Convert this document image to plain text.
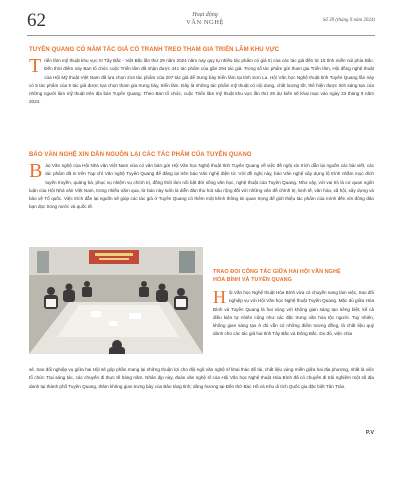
62	Hoạt động
VĂN NGHỆ	Số 39 (tháng 9 năm 2024)
TUYÊN QUANG CÓ NĂM TÁC GIẢ CÓ TRANH TREO THAM GIA TRIỂN LÃM KHU VỰC

Triển lãm mỹ thuật khu vực III Tây Bắc - Việt Bắc lần thứ 29 năm 2024 năm nay quy tụ nhiều tác phẩm có giá trị của các tác giả đến từ 15 tỉnh miền núi phía Bắc. Đến thời điểm này Ban tổ chức cuộc Triển lãm đã nhận được 441 tác phẩm của gần 294 tác giả. Trong số tác phẩm gửi tham gia Triển lãm, Hội đồng nghệ thuật của Hội Mỹ thuật Việt Nam đã lựa chọn 214 tác phẩm của 207 tác giả để trưng bày triển lãm tại tỉnh Sơn La. Hội Văn học Nghệ thuật tỉnh Tuyên Quang lần này có 5 tác phẩm của 5 tác giả được lựa chọn tham gia trưng bày, triển lãm. Đây là những tác phẩm mỹ thuật có nội dung, chất lượng tốt, thể hiện được tinh sáng tạo của những người làm mỹ thuật trên địa bàn Tuyên Quang. Theo Ban tổ chức, cuộc Triển lãm mỹ thuật khu vực lần thứ 29 dự kiến sẽ khai mạc vào ngày 23 tháng 9 năm 2024.

BÁO VĂN NGHỆ XIN DẪN NGUỒN LẠI CÁC TÁC PHẨM CỦA TUYÊN QUANG

Báo Văn nghệ của Hội Nhà văn Việt Nam vừa có văn bản gửi Hội Văn học Nghệ thuật tỉnh Tuyên Quang về việc đề nghị xin trích dẫn lại nguồn các bài viết, các tác phẩm đã in trên Tạp chí Văn nghệ Tuyên Quang để đăng lại trên báo Văn nghệ điện tử. Với đề nghị này, báo Văn nghệ xây dựng lộ trình nhằm mục đích tuyên truyền, quảng bá, phục vụ nhiệm vụ chính trị, đồng thời làm nổi bật đời sống văn học, nghệ thuật của Tuyên Quang. Như vậy, với vai trò là cơ quan ngôn luận của Hội Nhà văn Việt Nam, trong nhiều năm qua, từ báo này luôn là diễn đàn thu hút sâu rộng đối với những vấn đề chính trị, kinh tế, văn hóa, xã hội, xây dựng và bảo vệ Tổ quốc. Việc trích dẫn lại nguồn sẽ giúp các tác giả ở Tuyên Quang có thêm một kênh thông tin quan trọng để giới thiệu tác phẩm của mình đến với đông đảo bạn đọc trong nước và quốc tế.

TRAO ĐỔI CÔNG TÁC GIỮA HAI HỘI VĂN NGHỆ
HÒA BÌNH VÀ TUYÊN QUANG

Hội Văn học Nghệ thuật Hòa Bình vừa có chuyến sang làm việc, trao đổi nghiệp vụ với Hội Văn học Nghệ thuật Tuyên Quang. Mặc dù giữa Hòa Bình và Tuyên Quang là hai vùng với không gian sáng tạo riêng biệt, kể cả điều kiện tự nhiên cũng như các đặc trưng văn hóa tộc người. Tuy nhiên, không gian sáng tạo ở đó vẫn có những điểm tương đồng, là chất liệu quý dành cho các tác giả hai tỉnh Tây Bắc và Đông Bắc. Do đó, việc chia

sẻ, trao đổi nghiệp vụ giữa hai Hội sẽ góp phần mang lại những thuận lợi cho đội ngũ văn nghệ sĩ khai thác để tài, chất liệu vùng miền giữa hai địa phương, nhất là việc tổ chức Trại sáng tác, các chuyến đi thực tế hàng năm. Nhân dịp này, đoàn văn nghệ sĩ của Hội Văn học Nghệ thuật Hòa Bình đã có chuyến đi trải nghiệm một số địa danh tại thành phố Tuyên Quang, thăm không gian trưng bày của Bảo tàng tỉnh; dâng hương tại Đền thờ Bác Hồ và Khu di tích Quốc gia đặc biệt Tân Trào.

P.V
